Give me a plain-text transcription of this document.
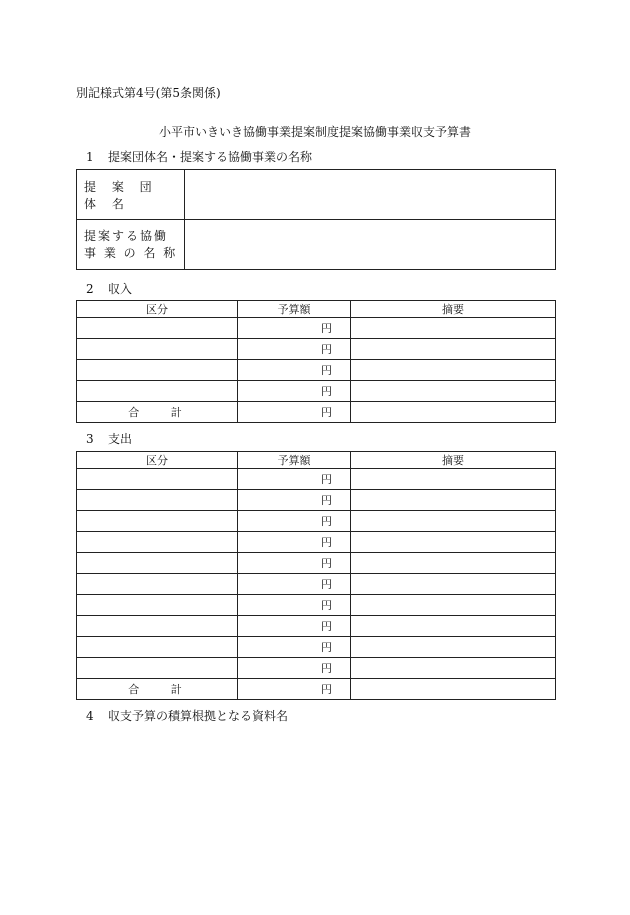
別記様式第4号(第5条関係)
小平市いきいき協働事業提案制度提案協働事業収支予算書
1 提案団体名・提案する協働事業の名称
提 案 団 体 名	

提案する協働
事 業 の 名 称	

2 収入
区分	予算額	摘要
	円	
	円	
	円	
	円	
合 計	円	
3 支出
区分	予算額	摘要
	円	
	円	
	円	
	円	
	円	
	円	
	円	
	円	
	円	
	円	
合 計	円	
4 収支予算の積算根拠となる資料名
